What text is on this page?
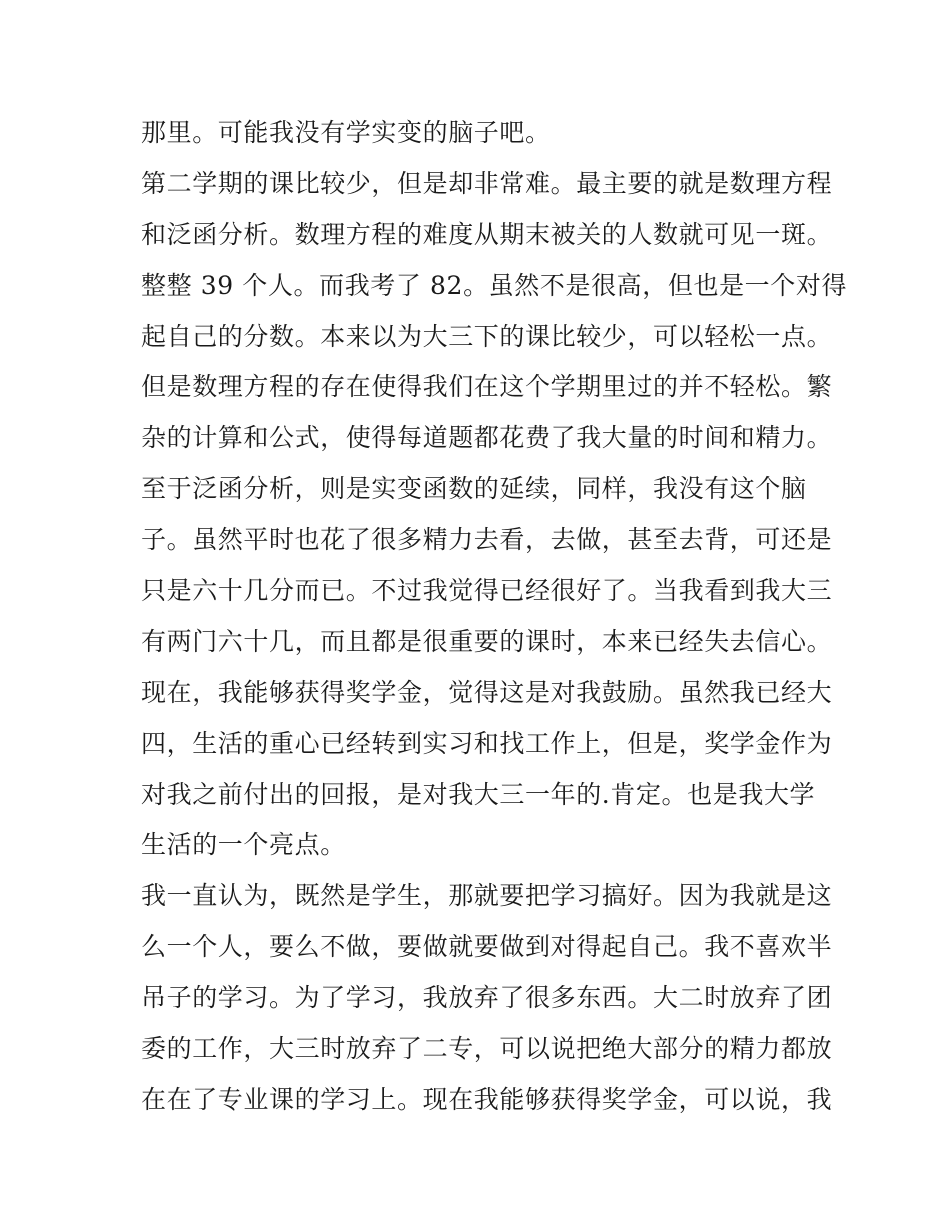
那里。可能我没有学实变的脑子吧。
第二学期的课比较少，但是却非常难。最主要的就是数理方程
和泛函分析。数理方程的难度从期末被关的人数就可见一斑。
整整 39 个人。而我考了 82。虽然不是很高，但也是一个对得
起自己的分数。本来以为大三下的课比较少，可以轻松一点。
但是数理方程的存在使得我们在这个学期里过的并不轻松。繁
杂的计算和公式，使得每道题都花费了我大量的时间和精力。
至于泛函分析，则是实变函数的延续，同样，我没有这个脑
子。虽然平时也花了很多精力去看，去做，甚至去背，可还是
只是六十几分而已。不过我觉得已经很好了。当我看到我大三
有两门六十几，而且都是很重要的课时，本来已经失去信心。
现在，我能够获得奖学金，觉得这是对我鼓励。虽然我已经大
四，生活的重心已经转到实习和找工作上，但是，奖学金作为
对我之前付出的回报，是对我大三一年的.肯定。也是我大学
生活的一个亮点。
我一直认为，既然是学生，那就要把学习搞好。因为我就是这
么一个人，要么不做，要做就要做到对得起自己。我不喜欢半
吊子的学习。为了学习，我放弃了很多东西。大二时放弃了团
委的工作，大三时放弃了二专，可以说把绝大部分的精力都放
在在了专业课的学习上。现在我能够获得奖学金，可以说，我
